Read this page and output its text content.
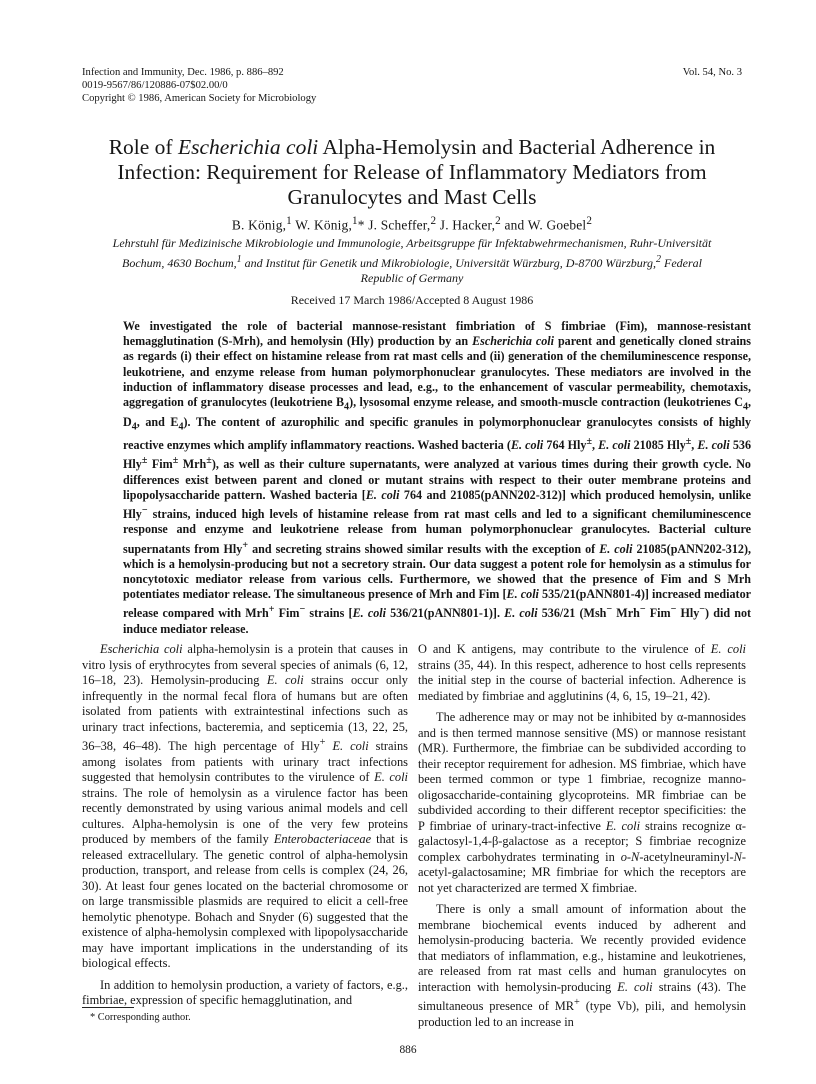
Infection and Immunity, Dec. 1986, p. 886–892
0019-9567/86/120886-07$02.00/0
Copyright © 1986, American Society for Microbiology
Vol. 54, No. 3
Role of Escherichia coli Alpha-Hemolysin and Bacterial Adherence in Infection: Requirement for Release of Inflammatory Mediators from Granulocytes and Mast Cells
B. König,$^1$ W. König,$^1$* J. Scheffer,$^2$ J. Hacker,$^2$ and W. Goebel$^2$
Lehrstuhl für Medizinische Mikrobiologie und Immunologie, Arbeitsgruppe für Infektabwehrmechanismen, Ruhr-Universität Bochum, 4630 Bochum,$^1$ and Institut für Genetik und Mikrobiologie, Universität Würzburg, D-8700 Würzburg,$^2$ Federal Republic of Germany
Received 17 March 1986/Accepted 8 August 1986

We investigated the role of bacterial mannose-resistant fimbriation of S fimbriae (Fim), mannose-resistant hemagglutination (S-Mrh), and hemolysin (Hly) production by an Escherichia coli parent and genetically cloned strains as regards (i) their effect on histamine release from rat mast cells and (ii) generation of the chemiluminescence response, leukotriene, and enzyme release from human polymorphonuclear granulocytes. These mediators are involved in the induction of inflammatory disease processes and lead, e.g., to the enhancement of vascular permeability, chemotaxis, aggregation of granulocytes (leukotriene $B_4$), lysosomal enzyme release, and smooth-muscle contraction (leukotrienes $C_4$, $D_4$, and $E_4$). The content of azurophilic and specific granules in polymorphonuclear granulocytes consists of highly reactive enzymes which amplify inflammatory reactions. Washed bacteria (E. coli 764 Hly±, E. coli 21085 Hly±, E. coli 536 Hly± Fim± Mrh±), as well as their culture supernatants, were analyzed at various times during their growth cycle. No differences exist between parent and cloned or mutant strains with respect to their outer membrane proteins and lipopolysaccharide pattern. Washed bacteria [E. coli 764 and 21085(pANN202-312)] which produced hemolysin, unlike Hly− strains, induced high levels of histamine release from rat mast cells and led to a significant chemiluminescence response and enzyme and leukotriene release from human polymorphonuclear granulocytes. Bacterial culture supernatants from Hly+ and secreting strains showed similar results with the exception of E. coli 21085(pANN202-312), which is a hemolysin-producing but not a secretory strain. Our data suggest a potent role for hemolysin as a stimulus for noncytotoxic mediator release from various cells. Furthermore, we showed that the presence of Fim and S Mrh potentiates mediator release. The simultaneous presence of Mrh and Fim [E. coli 535/21(pANN801-4)] increased mediator release compared with Mrh+ Fim− strains [E. coli 536/21(pANN801-1)]. E. coli 536/21 (Msh− Mrh− Fim− Hly−) did not induce mediator release.

Escherichia coli alpha-hemolysin is a protein that causes in vitro lysis of erythrocytes from several species of animals (6, 12, 16–18, 23). Hemolysin-producing E. coli strains occur only infrequently in the normal fecal flora of humans but are often isolated from patients with extraintestinal infections such as urinary tract infections, bacteremia, and septicemia (13, 22, 25, 36–38, 46–48). The high percentage of Hly+ E. coli strains among isolates from patients with urinary tract infections suggested that hemolysin contributes to the virulence of E. coli strains. The role of hemolysin as a virulence factor has been recently demonstrated by using various animal models and cell cultures. Alpha-hemolysin is one of the very few proteins produced by members of the family Enterobacteriaceae that is released extracellulary. The genetic control of alpha-hemolysin production, transport, and release from cells is complex (24, 26, 30). At least four genes located on the bacterial chromosome or on large transmissible plasmids are required to elicit a cell-free hemolytic phenotype. Bohach and Snyder (6) suggested that the existence of alpha-hemolysin complexed with lipopolysaccharide may have important implications in the understanding of its biological effects.

In addition to hemolysin production, a variety of factors, e.g., fimbriae, expression of specific hemagglutination, and

O and K antigens, may contribute to the virulence of E. coli strains (35, 44). In this respect, adherence to host cells represents the initial step in the course of bacterial infection. Adherence is mediated by fimbriae and agglutinins (4, 6, 15, 19–21, 42).

The adherence may or may not be inhibited by α-mannosides and is then termed mannose sensitive (MS) or mannose resistant (MR). Furthermore, the fimbriae can be subdivided according to their receptor requirement for adhesion. MS fimbriae, which have been termed common or type 1 fimbriae, recognize manno-oligosaccharide-containing glycoproteins. MR fimbriae can be subdivided according to their different receptor specificities: the P fimbriae of urinary-tract-infective E. coli strains recognize α-galactosyl-1,4-β-galactose as a receptor; S fimbriae recognize complex carbohydrates terminating in o-N-acetylneuraminyl-N-acetyl-galactosamine; MR fimbriae for which the receptors are not yet characterized are termed X fimbriae.

There is only a small amount of information about the membrane biochemical events induced by adherent and hemolysin-producing bacteria. We recently provided evidence that mediators of inflammation, e.g., histamine and leukotrienes, are released from rat mast cells and human granulocytes on interaction with hemolysin-producing E. coli strains (43). The simultaneous presence of MR+ (type Vb), pili, and hemolysin production led to an increase in

* Corresponding author.
886
